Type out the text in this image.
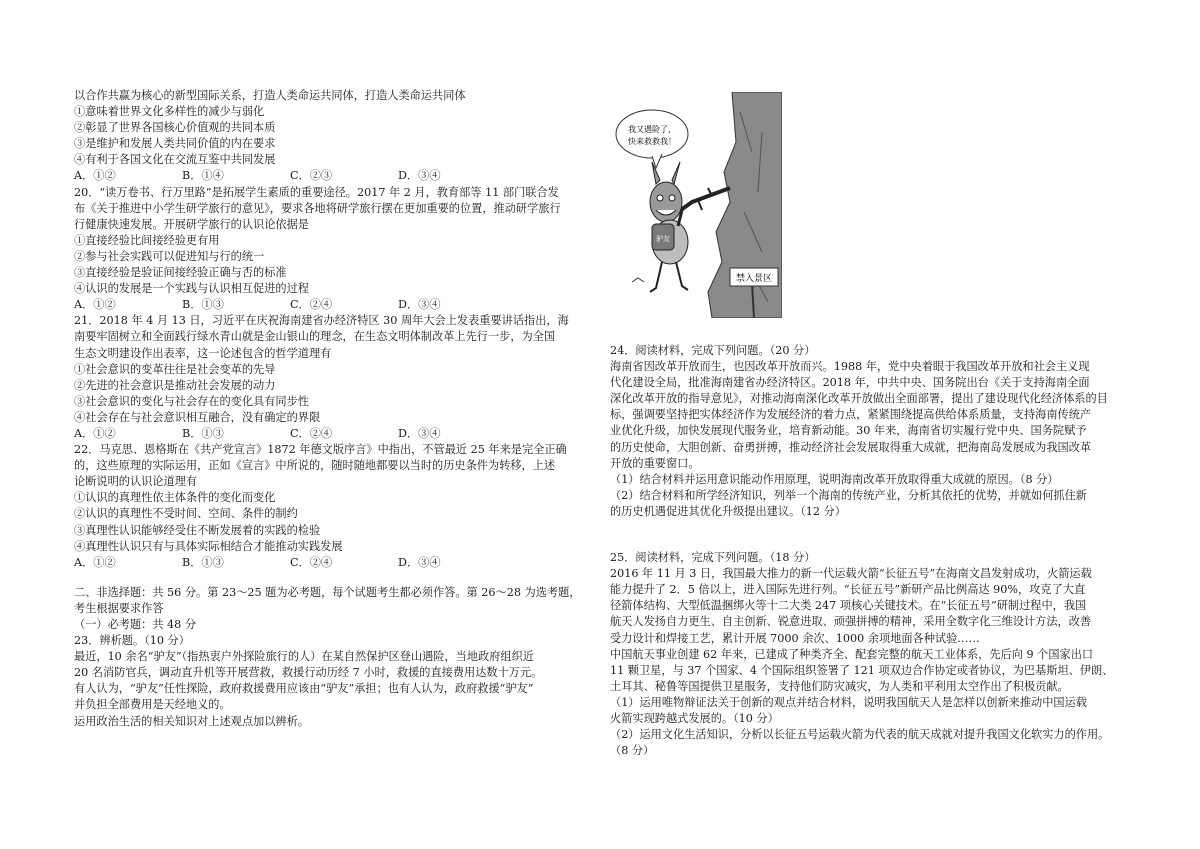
以合作共赢为核心的新型国际关系，打造人类命运共同体，打造人类命运共同体
①意味着世界文化多样性的减少与弱化
②彰显了世界各国核心价值观的共同本质
③是维护和发展人类共同价值的内在要求
④有利于各国文化在交流互鉴中共同发展
A．①②	B．①④	C．②③	D．③④
20．“读万卷书、行万里路”是拓展学生素质的重要途径。2017 年 2 月，教育部等 11 部门联合发
布《关于推进中小学生研学旅行的意见》，要求各地将研学旅行摆在更加重要的位置，推动研学旅行
行健康快速发展。开展研学旅行的认识论依据是
①直接经验比间接经验更有用
②参与社会实践可以促进知与行的统一
③直接经验是验证间接经验正确与否的标准
④认识的发展是一个实践与认识相互促进的过程
A．①②	B．①③	C．②④	D．③④
21．2018 年 4 月 13 日，习近平在庆祝海南建省办经济特区 30 周年大会上发表重要讲话指出，海
南要牢固树立和全面践行绿水青山就是金山银山的理念，在生态文明体制改革上先行一步，为全国
生态文明建设作出表率，这一论述包含的哲学道理有
①社会意识的变革往往是社会变革的先导
②先进的社会意识是推动社会发展的动力
③社会意识的变化与社会存在的变化具有同步性
④社会存在与社会意识相互融合，没有确定的界限
A．①②	B．①③	C．②④	D．③④
22．马克思、恩格斯在《共产党宣言》1872 年德文版序言》中指出，不管最近 25 年来是完全正确
的，这些原理的实际运用，正如《宣言》中所说的，随时随地都要以当时的历史条件为转移，上述
论断说明的认识论道理有
①认识的真理性依主体条件的变化而变化
②认识的真理性不受时间、空间、条件的制约
③真理性认识能够经受住不断发展着的实践的检验
④真理性认识只有与具体实际相结合才能推动实践发展
A．①②	B．①③	C．②④	D．③④
二、非选择题：共 56 分。第 23～25 题为必考题，每个试题考生都必须作答。第 26～28 为选考题，
考生根据要求作答
（一）必考题：共 48 分
23．辨析题。（10 分）
最近，10 余名“驴友”（指热衷户外探险旅行的人）在某自然保护区登山遇险，当地政府组织近
20 名消防官兵，调动直升机等开展营救，救援行动历经 7 小时，救援的直接费用达数十万元。
有人认为，“驴友”任性探险，政府救援费用应该由“驴友”承担；也有人认为，政府救援“驴友”
并负担全部费用是天经地义的。
运用政治生活的相关知识对上述观点加以辨析。
禁入景区
我又遇险了，
快来救救我！
驴友
24．阅读材料，完成下列问题。（20 分）
海南省因改革开放而生，也因改革开放而兴。1988 年，党中央着眼于我国改革开放和社会主义现
代化建设全局，批准海南建省办经济特区。2018 年，中共中央、国务院出台《关于支持海南全面
深化改革开放的指导意见》，对推动海南深化改革开放做出全面部署，提出了建设现代化经济体系的目
标，强调要坚持把实体经济作为发展经济的着力点，紧紧围绕提高供给体系质量，支持海南传统产
业优化升级，加快发展现代服务业，培育新动能。30 年来，海南省切实履行党中央、国务院赋予
的历史使命，大胆创新、奋勇拼搏，推动经济社会发展取得重大成就，把海南岛发展成为我国改革
开放的重要窗口。
（1）结合材料并运用意识能动作用原理，说明海南改革开放取得重大成就的原因。（8 分）
（2）结合材料和所学经济知识，列举一个海南的传统产业，分析其依托的优势，并就如何抓住新
的历史机遇促进其优化升级提出建议。（12 分）
25．阅读材料，完成下列问题。（18 分）
2016 年 11 月 3 日，我国最大推力的新一代运载火箭“长征五号”在海南文昌发射成功，火箭运载
能力提升了 2．5 倍以上，进入国际先进行列。“长征五号”新研产品比例高达 90%，攻克了大直
径箭体结构、大型低温捆绑火等十二大类 247 项核心关键技术。在“长征五号”研制过程中，我国
航天人发扬自力更生、自主创新、锐意进取、顽强拼搏的精神，采用全数字化三维设计方法，改善
受力设计和焊接工艺，累计开展 7000 余次、1000 余项地面各种试验……
中国航天事业创建 62 年来，已建成了种类齐全、配套完整的航天工业体系，先后向 9 个国家出口
11 颗卫星，与 37 个国家、4 个国际组织签署了 121 项双边合作协定或者协议，为巴基斯坦、伊朗、
土耳其、秘鲁等国提供卫星服务，支持他们防灾减灾，为人类和平利用太空作出了积极贡献。
（1）运用唯物辩证法关于创新的观点并结合材料，说明我国航天人是怎样以创新来推动中国运载
火箭实现跨越式发展的。（10 分）
（2）运用文化生活知识，分析以长征五号运载火箭为代表的航天成就对提升我国文化软实力的作用。
（8 分）
